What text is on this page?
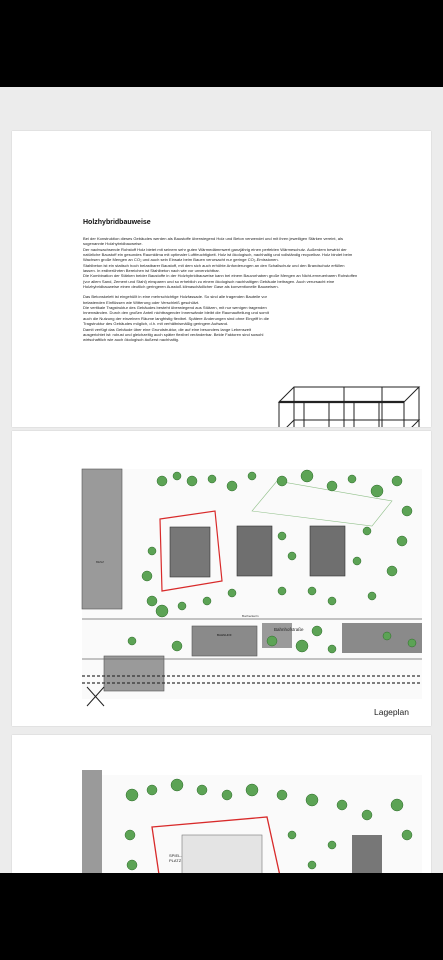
Holzhybridbauweise

Bei der Konstruktion dieses Gebäudes werden als Baustoffe überwiegend Holz und Beton verwendet und mit ihren jeweiligen Stärken vereint, als sogenannte Holzhybridbauweise.

Der nachwachsende Rohstoff Holz bietet mit seinem sehr guten Wärmedämmwert ganzjährig einen perfekten Wärmeschutz. Außerdem bewirkt der natürliche Baustoff ein gesundes Raumklima mit optimaler Luftfeuchtigkeit. Holz ist ökologisch, nachhaltig und vollständig recycelbar. Holz bindet beim Wachsen große Mengen an CO₂ und auch sein Einsatz beim Bauen verursacht nur geringe CO₂-Emissionen.

Stahlbeton ist ein statisch hoch belastbarer Baustoff, mit dem sich auch erhöhte Anforderungen an den Schallschutz und den Brandschutz erfüllen lassen. In erdberührten Bereichen ist Stahlbeton nach wie vor unverzichtbar.

Die Kombination der Stärken beider Baustoffe in der Holzhybridbauweise kann bei einem Bauvorhaben große Mengen an Nicht-erneuerbaren Rohstoffen (vor allem Sand, Zement und Stahl) einsparen und so erheblich zu einem ökologisch nachhaltigen Gebäude beitragen. Auch verursacht eine Holzhybridbauweise einen deutlich geringeren Ausstoß klimaschädlicher Gase als konventionelle Bauweisen.

Das Betonskelett ist eingehüllt in eine mehrschichtige Holzfassade. So sind alle tragenden Bauteile vor belastenden Einflüssen wie Witterung oder Verschleiß geschützt.

Die vertikale Tragstruktur des Gebäudes besteht überwiegend aus Stützen, mit nur wenigen tragenden Innenwänden. Durch den großen Anteil nichttragender Innenwände bleibt die Raumaufteilung und somit auch die Nutzung der einzelnen Räume langfristig flexibel. Spätere Änderungen sind ohne Eingriff in die Tragstruktur des Gebäudes möglich, d.h. mit verhältnismäßig geringem Aufwand.

Damit verfügt das Gebäude über eine Grundstruktur, die auf eine besonders lange Lebenszeit ausgerichtet ist: robust und gleichzeitig auch später flexibel veränderbar. Beide Faktoren sind sowohl wirtschaftlich wie auch ökologisch äußerst nachhaltig.

BENZ
BAHNHOF
Bucheckerln
Bahnhofstraße
Lageplan
SPIEL- PLATZ
